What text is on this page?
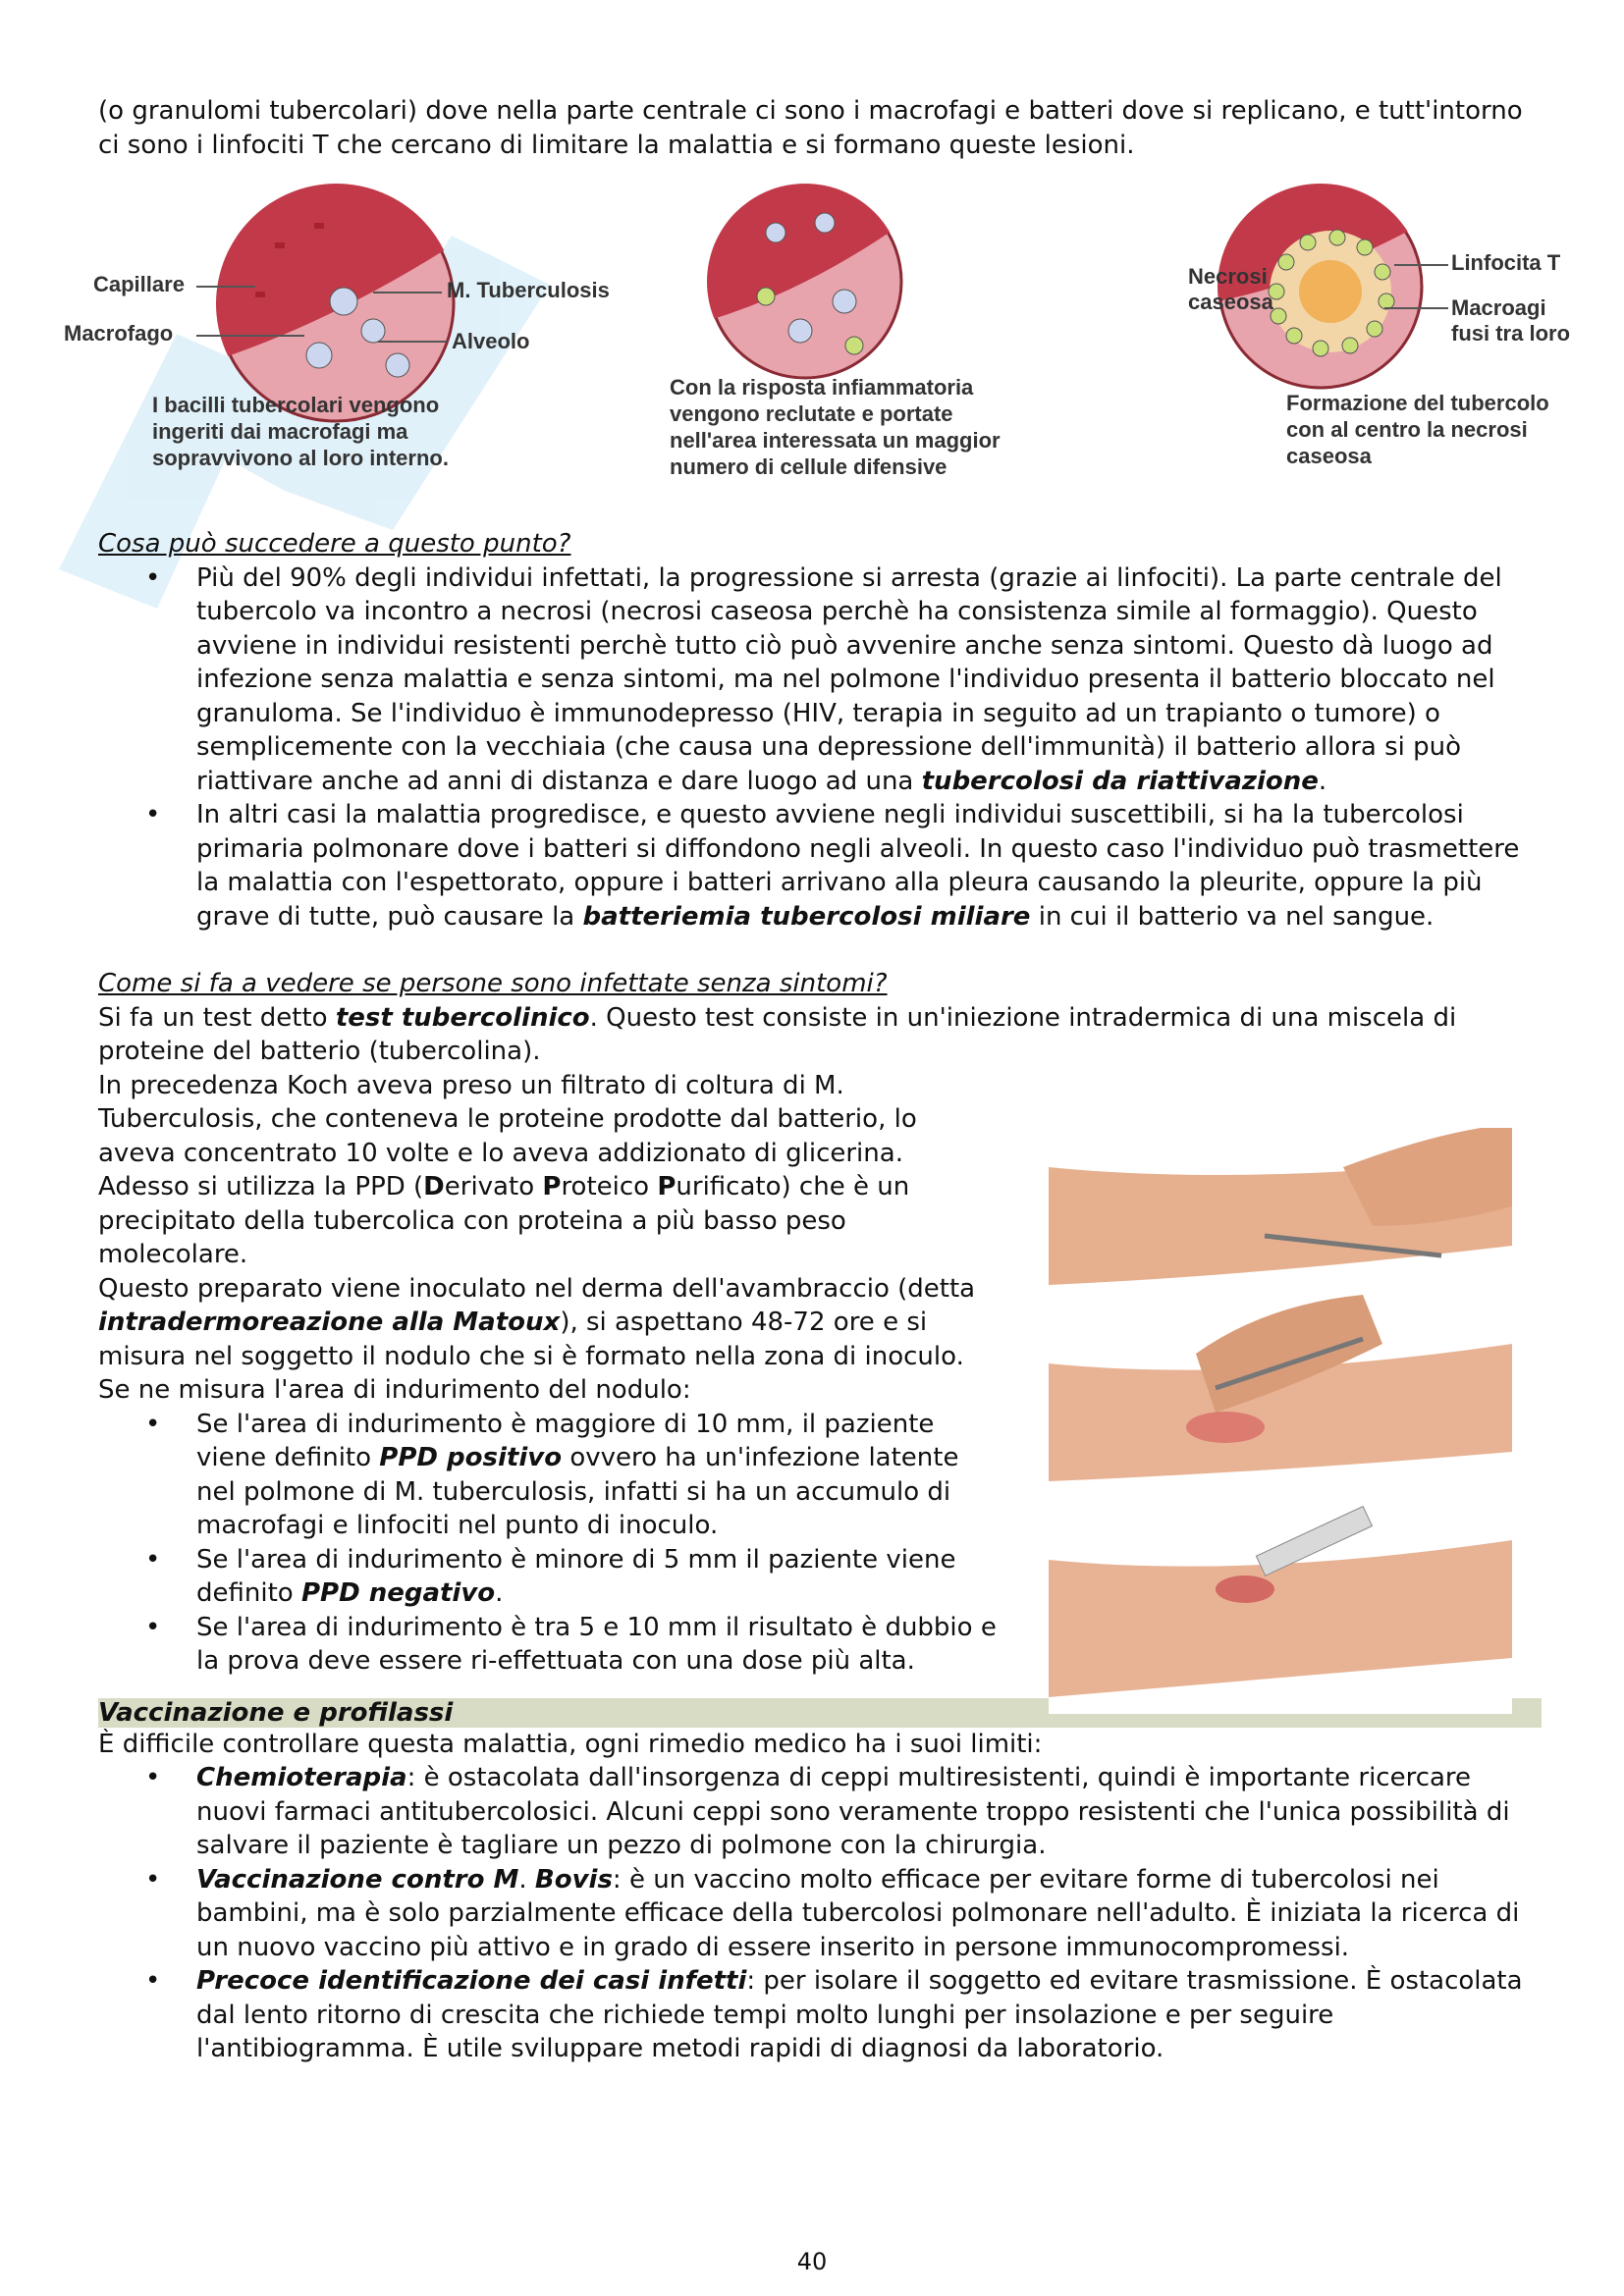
(o granulomi tubercolari) dove nella parte centrale ci sono i macrofagi e batteri dove si replicano, e tutt'intorno ci sono i linfociti T che cercano di limitare la malattia e si formano queste lesioni.

Capillare
Macrofago
M. Tuberculosis
Alveolo
I bacilli tubercolari vengono
ingeriti dai macrofagi ma
sopravvivono al loro interno.
Con la risposta infiammatoria
vengono reclutate e portate
nell'area interessata un maggior
numero di cellule difensive
Necrosi
caseosa
Linfocita T
Macroagi
fusi tra loro
Formazione del tubercolo
con al centro la necrosi
caseosa

Cosa può succedere a questo punto?

• Più del 90% degli individui infettati, la progressione si arresta (grazie ai linfociti). La parte centrale del tubercolo va incontro a necrosi (necrosi caseosa perchè ha consistenza simile al formaggio). Questo avviene in individui resistenti perchè tutto ciò può avvenire anche senza sintomi. Questo dà luogo ad infezione senza malattia e senza sintomi, ma nel polmone l'individuo presenta il batterio bloccato nel granuloma. Se l'individuo è immunodepresso (HIV, terapia in seguito ad un trapianto o tumore) o semplicemente con la vecchiaia (che causa una depressione dell'immunità) il batterio allora si può riattivare anche ad anni di distanza e dare luogo ad una tubercolosi da riattivazione.
• In altri casi la malattia progredisce, e questo avviene negli individui suscettibili, si ha la tubercolosi primaria polmonare dove i batteri si diffondono negli alveoli. In questo caso l'individuo può trasmettere la malattia con l'espettorato, oppure i batteri arrivano alla pleura causando la pleurite, oppure la più grave di tutte, può causare la batteriemia tubercolosi miliare in cui il batterio va nel sangue.

Come si fa a vedere se persone sono infettate senza sintomi?

Si fa un test detto test tubercolinico. Questo test consiste in un'iniezione intradermica di una miscela di proteine del batterio (tubercolina).

In precedenza Koch aveva preso un filtrato di coltura di M. Tuberculosis, che conteneva le proteine prodotte dal batterio, lo aveva concentrato 10 volte e lo aveva addizionato di glicerina.

Adesso si utilizza la PPD (Derivato Proteico Purificato) che è un precipitato della tubercolica con proteina a più basso peso molecolare.

Questo preparato viene inoculato nel derma dell'avambraccio (detta intradermoreazione alla Matoux), si aspettano 48-72 ore e si misura nel soggetto il nodulo che si è formato nella zona di inoculo.

Se ne misura l'area di indurimento del nodulo:

• Se l'area di indurimento è maggiore di 10 mm, il paziente viene definito PPD positivo ovvero ha un'infezione latente nel polmone di M. tuberculosis, infatti si ha un accumulo di macrofagi e linfociti nel punto di inoculo.
• Se l'area di indurimento è minore di 5 mm il paziente viene definito PPD negativo.
• Se l'area di indurimento è tra 5 e 10 mm il risultato è dubbio e la prova deve essere ri-effettuata con una dose più alta.
Vaccinazione e profilassi

È difficile controllare questa malattia, ogni rimedio medico ha i suoi limiti:

• Chemioterapia: è ostacolata dall'insorgenza di ceppi multiresistenti, quindi è importante ricercare nuovi farmaci antitubercolosici. Alcuni ceppi sono veramente troppo resistenti che l'unica possibilità di salvare il paziente è tagliare un pezzo di polmone con la chirurgia.
• Vaccinazione contro M. Bovis: è un vaccino molto efficace per evitare forme di tubercolosi nei bambini, ma è solo parzialmente efficace della tubercolosi polmonare nell'adulto. È iniziata la ricerca di un nuovo vaccino più attivo e in grado di essere inserito in persone immunocompromessi.
• Precoce identificazione dei casi infetti: per isolare il soggetto ed evitare trasmissione. È ostacolata dal lento ritorno di crescita che richiede tempi molto lunghi per insolazione e per seguire l'antibiogramma. È utile sviluppare metodi rapidi di diagnosi da laboratorio.
40
